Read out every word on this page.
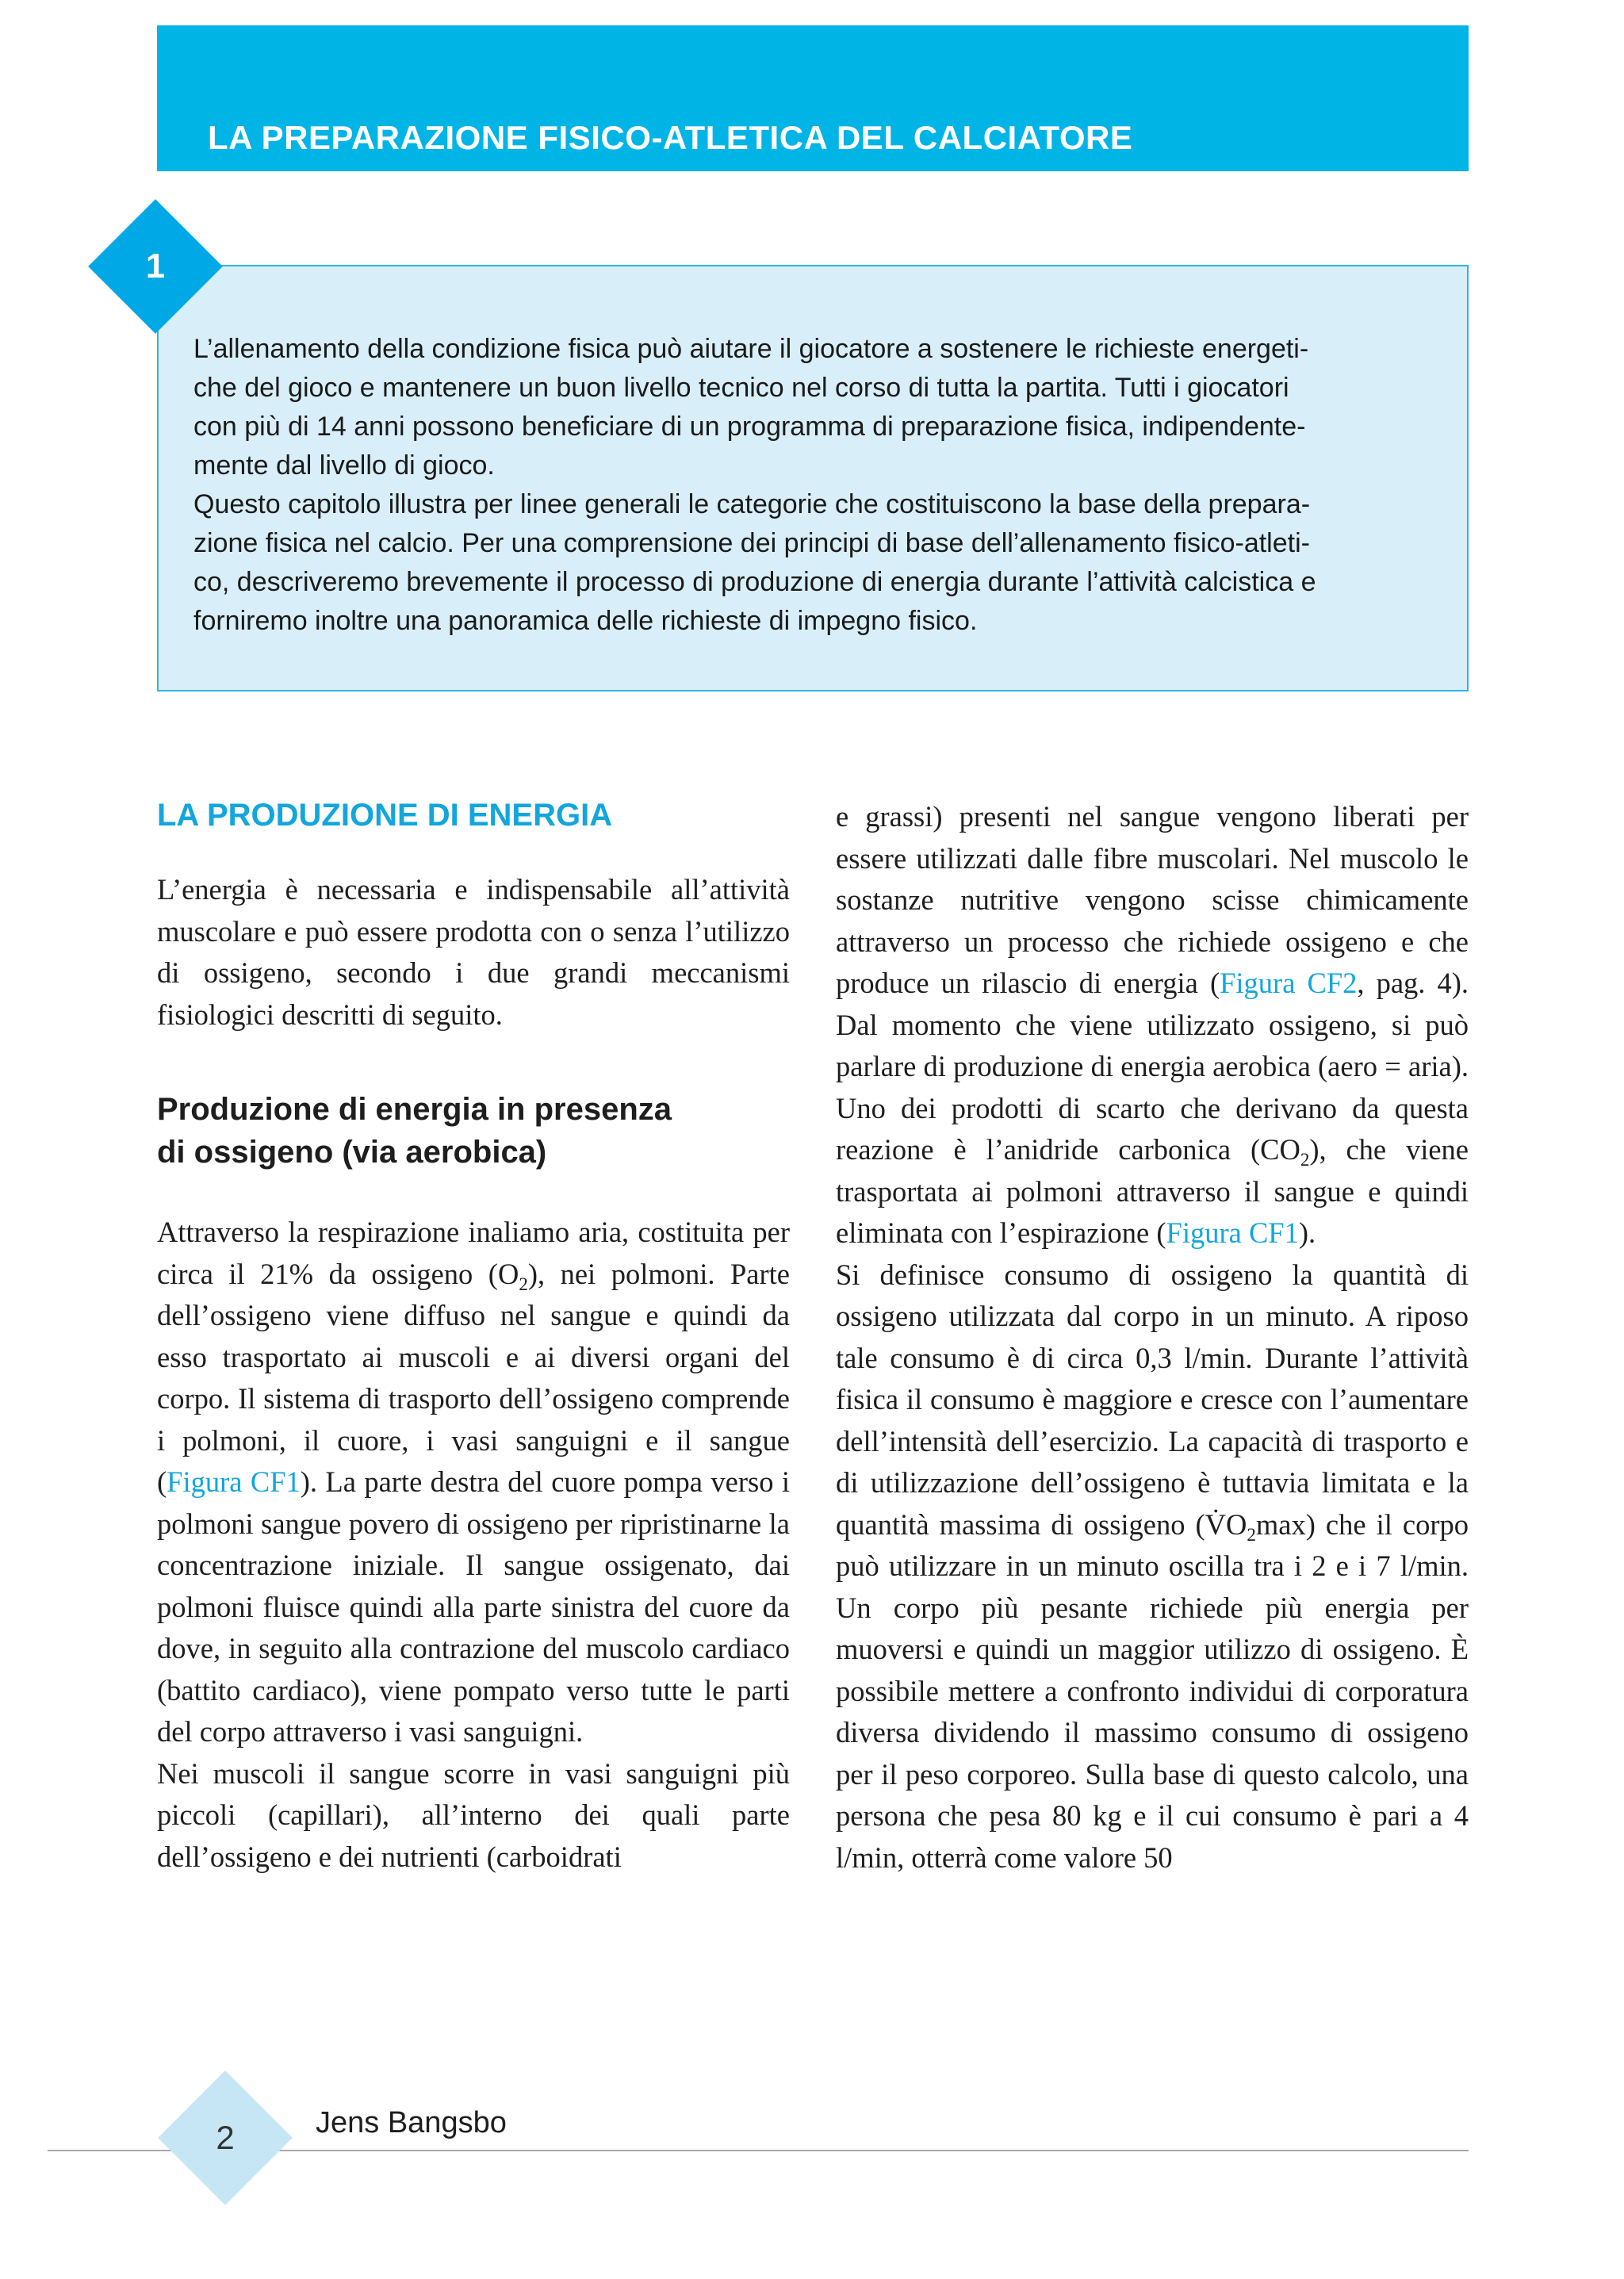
LA PREPARAZIONE FISICO-ATLETICA DEL CALCIATORE

L’allenamento della condizione fisica può aiutare il giocatore a sostenere le richieste energeti-
che del gioco e mantenere un buon livello tecnico nel corso di tutta la partita. Tutti i giocatori
con più di 14 anni possono beneficiare di un programma di preparazione fisica, indipendente-
mente dal livello di gioco.
Questo capitolo illustra per linee generali le categorie che costituiscono la base della prepara-
zione fisica nel calcio. Per una comprensione dei principi di base dell’allenamento fisico-atleti-
co, descriveremo brevemente il processo di produzione di energia durante l’attività calcistica e
forniremo inoltre una panoramica delle richieste di impegno fisico.

1
LA PRODUZIONE DI ENERGIA

L’energia è necessaria e indispensabile all’attività muscolare e può essere prodotta con o senza l’utilizzo di ossigeno, secondo i due grandi meccanismi fisiologici descritti di seguito.

Produzione di energia in presenza
di ossigeno (via aerobica)

Attraverso la respirazione inaliamo aria, costituita per circa il 21% da ossigeno $(O_2)$, nei polmoni. Parte dell’ossigeno viene diffuso nel sangue e quindi da esso trasportato ai muscoli e ai diversi organi del corpo. Il sistema di trasporto dell’ossigeno comprende i polmoni, il cuore, i vasi sanguigni e il sangue (Figura CF1). La parte destra del cuore pompa verso i polmoni sangue povero di ossigeno per ripristinarne la concentrazione iniziale. Il sangue ossigenato, dai polmoni fluisce quindi alla parte sinistra del cuore da dove, in seguito alla contrazione del muscolo cardiaco (battito cardiaco), viene pompato verso tutte le parti del corpo attraverso i vasi sanguigni.

Nei muscoli il sangue scorre in vasi sanguigni più piccoli (capillari), all’interno dei quali parte dell’ossigeno e dei nutrienti (carboidrati

e grassi) presenti nel sangue vengono liberati per essere utilizzati dalle fibre muscolari. Nel muscolo le sostanze nutritive vengono scisse chimicamente attraverso un processo che richiede ossigeno e che produce un rilascio di energia (Figura CF2, pag. 4). Dal momento che viene utilizzato ossigeno, si può parlare di produzione di energia aerobica (aero = aria). Uno dei prodotti di scarto che derivano da questa reazione è l’anidride carbonica $(CO_2)$, che viene trasportata ai polmoni attraverso il sangue e quindi eliminata con l’espirazione (Figura CF1).

Si definisce consumo di ossigeno la quantità di ossigeno utilizzata dal corpo in un minuto. A riposo tale consumo è di circa 0,3 l/min. Durante l’attività fisica il consumo è maggiore e cresce con l’aumentare dell’intensità dell’esercizio. La capacità di trasporto e di utilizzazione dell’ossigeno è tuttavia limitata e la quantità massima di ossigeno $(V̇O_2\max)$ che il corpo può utilizzare in un minuto oscilla tra i 2 e i 7 l/min. Un corpo più pesante richiede più energia per muoversi e quindi un maggior utilizzo di ossigeno. È possibile mettere a confronto individui di corporatura diversa dividendo il massimo consumo di ossigeno per il peso corporeo. Sulla base di questo calcolo, una persona che pesa 80 kg e il cui consumo è pari a 4 l/min, otterrà come valore 50

2	Jens Bangsbo
